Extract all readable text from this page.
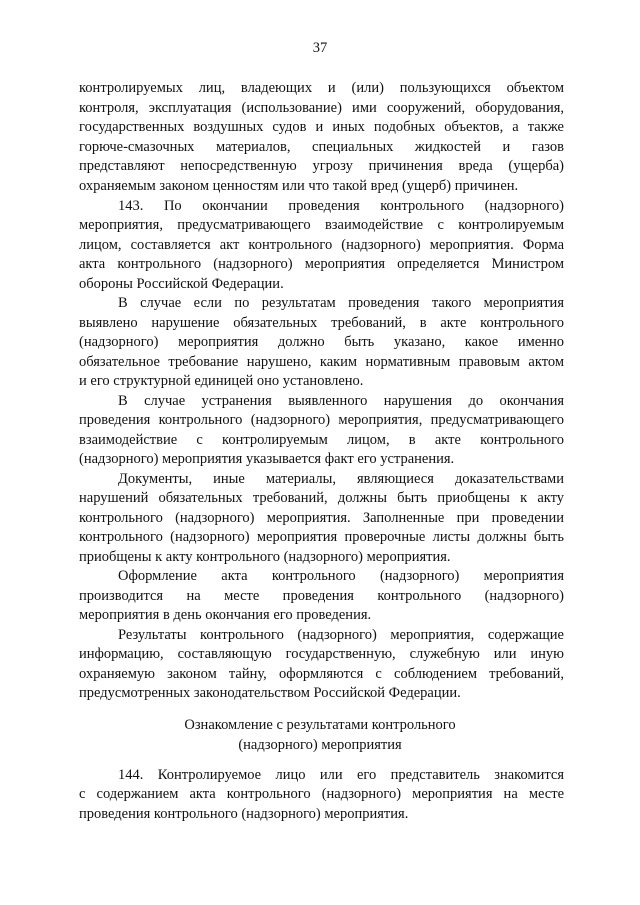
37
контролируемых лиц, владеющих и (или) пользующихся объектом
контроля, эксплуатация (использование) ими сооружений, оборудования,
государственных воздушных судов и иных подобных объектов, а также
горюче-смазочных материалов, специальных жидкостей и газов
представляют непосредственную угрозу причинения вреда (ущерба)
охраняемым законом ценностям или что такой вред (ущерб) причинен.
143. По окончании проведения контрольного (надзорного)
мероприятия, предусматривающего взаимодействие с контролируемым
лицом, составляется акт контрольного (надзорного) мероприятия. Форма
акта контрольного (надзорного) мероприятия определяется Министром
обороны Российской Федерации.
В случае если по результатам проведения такого мероприятия
выявлено нарушение обязательных требований, в акте контрольного
(надзорного) мероприятия должно быть указано, какое именно
обязательное требование нарушено, каким нормативным правовым актом
и его структурной единицей оно установлено.
В случае устранения выявленного нарушения до окончания
проведения контрольного (надзорного) мероприятия, предусматривающего
взаимодействие с контролируемым лицом, в акте контрольного
(надзорного) мероприятия указывается факт его устранения.
Документы, иные материалы, являющиеся доказательствами
нарушений обязательных требований, должны быть приобщены к акту
контрольного (надзорного) мероприятия. Заполненные при проведении
контрольного (надзорного) мероприятия проверочные листы должны быть
приобщены к акту контрольного (надзорного) мероприятия.
Оформление акта контрольного (надзорного) мероприятия
производится на месте проведения контрольного (надзорного)
мероприятия в день окончания его проведения.
Результаты контрольного (надзорного) мероприятия, содержащие
информацию, составляющую государственную, служебную или иную
охраняемую законом тайну, оформляются с соблюдением требований,
предусмотренных законодательством Российской Федерации.
Ознакомление с результатами контрольного
(надзорного) мероприятия
144. Контролируемое лицо или его представитель знакомится
с содержанием акта контрольного (надзорного) мероприятия на месте
проведения контрольного (надзорного) мероприятия.
